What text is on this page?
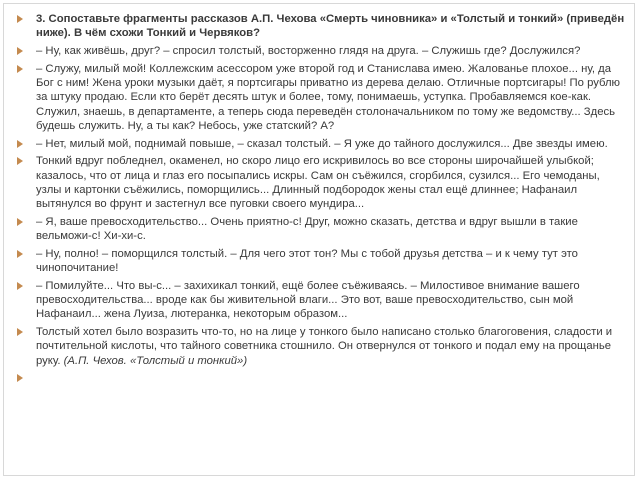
3. Сопоставьте фрагменты рассказов А.П. Чехова «Смерть чиновника» и «Толстый и тонкий» (приведён ниже). В чём схожи Тонкий и Червяков?
– Ну, как живёшь, друг? – спросил толстый, восторженно глядя на друга. – Служишь где? Дослужился?
– Служу, милый мой! Коллежским асессором уже второй год и Станислава имею. Жалованье плохое... ну, да Бог с ним! Жена уроки музыки даёт, я портсигары приватно из дерева делаю. Отличные портсигары! По рублю за штуку продаю. Если кто берёт десять штук и более, тому, понимаешь, уступка. Пробавляемся кое-как. Служил, знаешь, в департаменте, а теперь сюда переведён столоначальником по тому же ведомству... Здесь будешь служить. Ну, а ты как? Небось, уже статский? А?
– Нет, милый мой, поднимай повыше, – сказал толстый. – Я уже до тайного дослужился... Две звезды имею.
Тонкий вдруг побледнел, окаменел, но скоро лицо его искривилось во все стороны широчайшей улыбкой; казалось, что от лица и глаз его посыпались искры. Сам он съёжился, сгорбился, сузился... Его чемоданы, узлы и картонки съёжились, поморщились... Длинный подбородок жены стал ещё длиннее; Нафанаил вытянулся во фрунт и застегнул все пуговки своего мундира...
– Я, ваше превосходительство... Очень приятно-с! Друг, можно сказать, детства и вдруг вышли в такие вельможи-с! Хи-хи-с.
– Ну, полно! – поморщился толстый. – Для чего этот тон? Мы с тобой друзья детства – и к чему тут это чинопочитание!
– Помилуйте... Что вы-с... – захихикал тонкий, ещё более съёживаясь. – Милостивое внимание вашего превосходительства... вроде как бы живительной влаги... Это вот, ваше превосходительство, сын мой Нафанаил... жена Луиза, лютеранка, некоторым образом...
Толстый хотел было возразить что-то, но на лице у тонкого было написано столько благоговения, сладости и почтительной кислоты, что тайного советника стошнило. Он отвернулся от тонкого и подал ему на прощанье руку. (А.П. Чехов. «Толстый и тонкий»)
